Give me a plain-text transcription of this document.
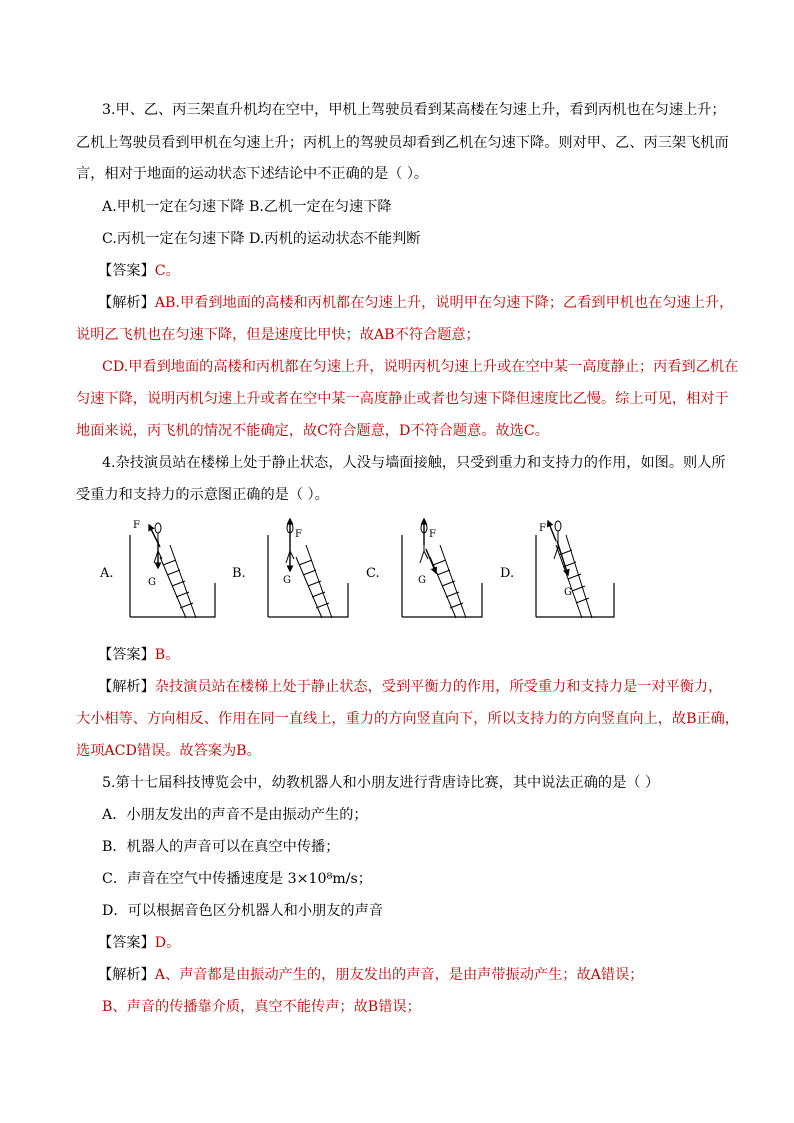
3.甲、乙、丙三架直升机均在空中，甲机上驾驶员看到某高楼在匀速上升，看到丙机也在匀速上升；
乙机上驾驶员看到甲机在匀速上升；丙机上的驾驶员却看到乙机在匀速下降。则对甲、乙、丙三架飞机而
言，相对于地面的运动状态下述结论中不正确的是（ ）。
A.甲机一定在匀速下降 B.乙机一定在匀速下降
C.丙机一定在匀速下降 D.丙机的运动状态不能判断
【答案】C。
【解析】AB.甲看到地面的高楼和丙机都在匀速上升，说明甲在匀速下降；乙看到甲机也在匀速上升，
说明乙飞机也在匀速下降，但是速度比甲快；故AB不符合题意；
CD.甲看到地面的高楼和丙机都在匀速上升，说明丙机匀速上升或在空中某一高度静止；丙看到乙机在
匀速下降，说明丙机匀速上升或者在空中某一高度静止或者也匀速下降但速度比乙慢。综上可见，相对于
地面来说，丙飞机的情况不能确定，故C符合题意，D不符合题意。故选C。
4.杂技演员站在楼梯上处于静止状态，人没与墙面接触，只受到重力和支持力的作用，如图。则人所
受重力和支持力的示意图正确的是（ ）。
A.
F
G
B.
F
G	C.
F
G	D.
F
G
【答案】B。
【解析】杂技演员站在楼梯上处于静止状态，受到平衡力的作用，所受重力和支持力是一对平衡力，
大小相等、方向相反、作用在同一直线上，重力的方向竖直向下，所以支持力的方向竖直向上，故B正确，
选项ACD错误。故答案为B。
5.第十七届科技博览会中，幼教机器人和小朋友进行背唐诗比赛，其中说法正确的是（ ）
A．小朋友发出的声音不是由振动产生的；
B．机器人的声音可以在真空中传播；
C．声音在空气中传播速度是 3×10⁸m/s；
D．可以根据音色区分机器人和小朋友的声音
【答案】D。
【解析】A、声音都是由振动产生的，朋友发出的声音，是由声带振动产生；故A错误；
B、声音的传播靠介质，真空不能传声；故B错误；
